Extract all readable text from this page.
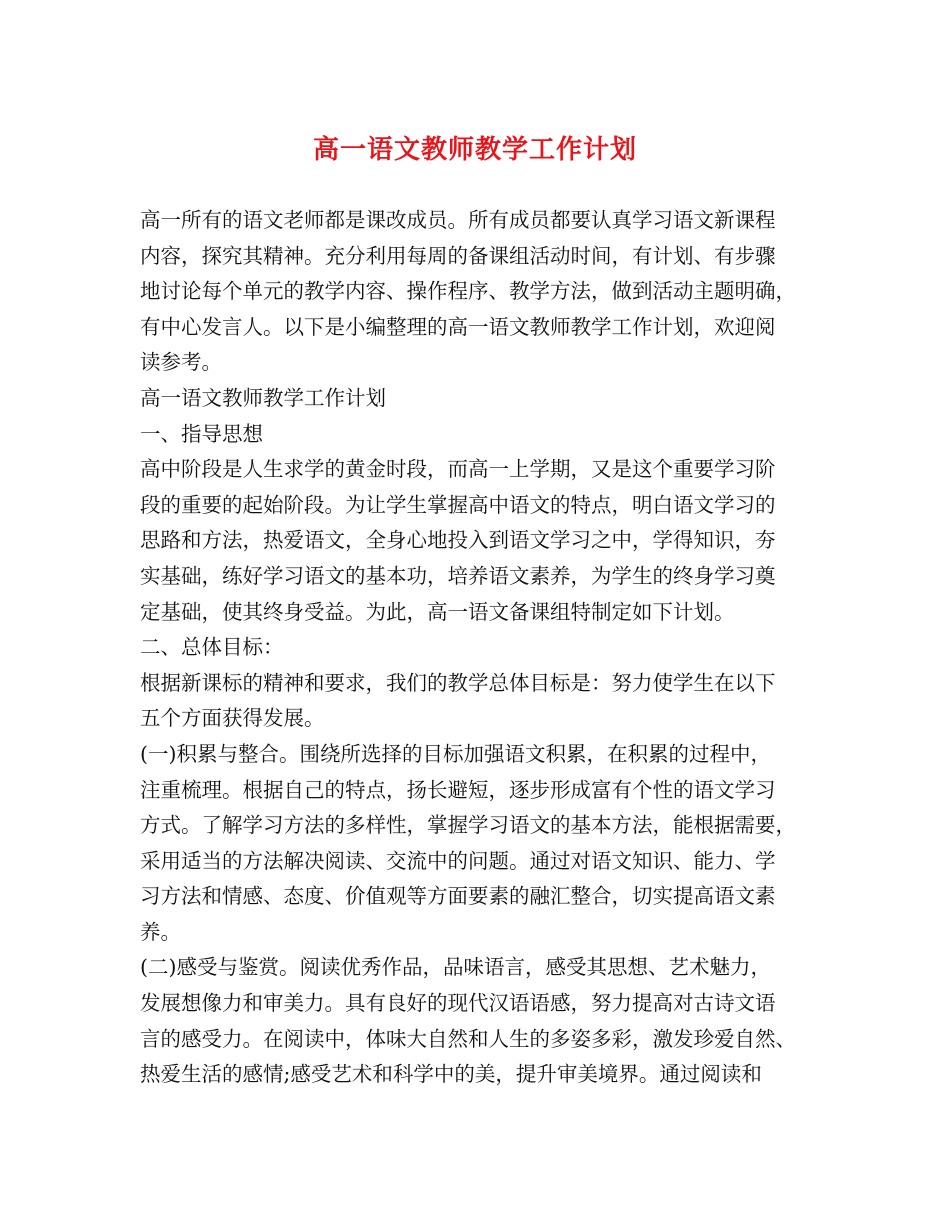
高一语文教师教学工作计划
高一所有的语文老师都是课改成员。所有成员都要认真学习语文新课程
内容，探究其精神。充分利用每周的备课组活动时间，有计划、有步骤
地讨论每个单元的教学内容、操作程序、教学方法，做到活动主题明确，
有中心发言人。以下是小编整理的高一语文教师教学工作计划，欢迎阅
读参考。
高一语文教师教学工作计划
一、指导思想
高中阶段是人生求学的黄金时段，而高一上学期，又是这个重要学习阶
段的重要的起始阶段。为让学生掌握高中语文的特点，明白语文学习的
思路和方法，热爱语文，全身心地投入到语文学习之中，学得知识，夯
实基础，练好学习语文的基本功，培养语文素养，为学生的终身学习奠
定基础，使其终身受益。为此，高一语文备课组特制定如下计划。
二、总体目标：
根据新课标的精神和要求，我们的教学总体目标是：努力使学生在以下
五个方面获得发展。
(一)积累与整合。围绕所选择的目标加强语文积累，在积累的过程中，
注重梳理。根据自己的特点，扬长避短，逐步形成富有个性的语文学习
方式。了解学习方法的多样性，掌握学习语文的基本方法，能根据需要，
采用适当的方法解决阅读、交流中的问题。通过对语文知识、能力、学
习方法和情感、态度、价值观等方面要素的融汇整合，切实提高语文素
养。
(二)感受与鉴赏。阅读优秀作品，品味语言，感受其思想、艺术魅力，
发展想像力和审美力。具有良好的现代汉语语感，努力提高对古诗文语
言的感受力。在阅读中，体味大自然和人生的多姿多彩，激发珍爱自然、
热爱生活的感情;感受艺术和科学中的美，提升审美境界。通过阅读和
